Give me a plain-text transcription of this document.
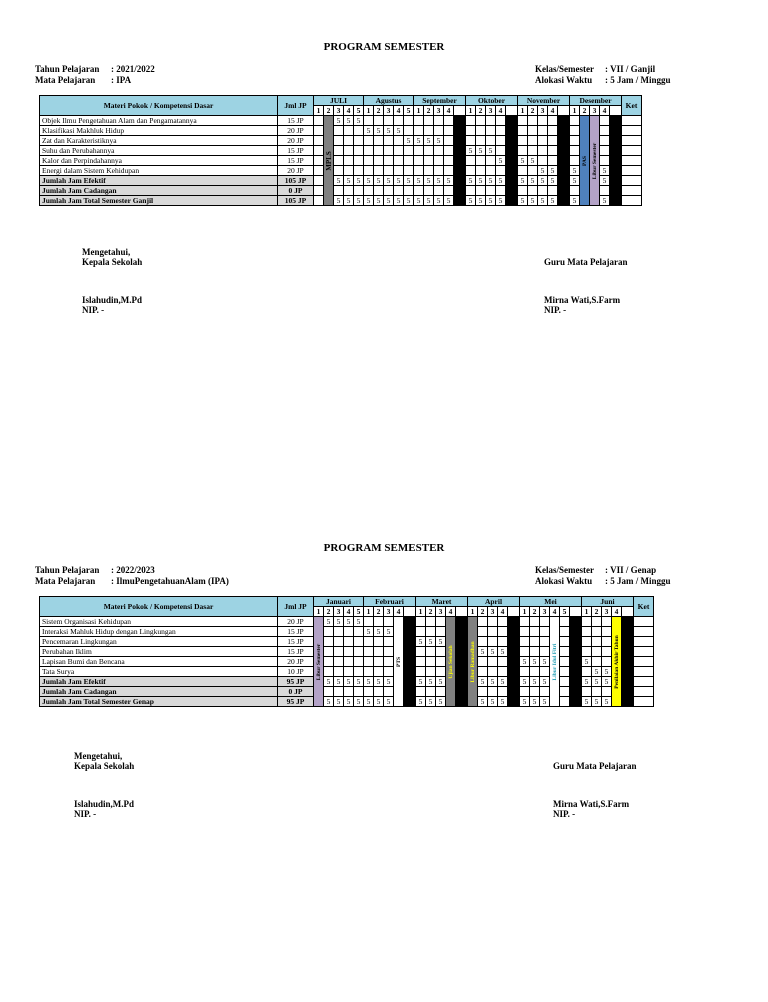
PROGRAM SEMESTER
Tahun Pelajaran : 2021/2022
Mata Pelajaran : IPA
Kelas/Semester : VII / Ganjil
Alokasi Waktu : 5 Jam / Minggu
Materi Pokok / Kompetensi Dasar	Jml JP	JULI					Agustus					September					Oktober					November					Desember					Ket
		1	2	3	4	5	1	2	3	4	5	1	2	3	4		1	2	3	4		1	2	3	4		1	2	3	4		
Objek Ilmu Pengetahuan Alam dan Pengamatannya	15 JP		MPLS	5	5	5																						PAS	Libur Semester			

Klasifikasi Makhluk Hidup	20 JP						5	5	5	5																						
Zat dan Karakteristiknya	20 JP										5	5	5	5																		
Suhu dan Perubahannya	15 JP																5	5	5													
Kalor dan Perpindahannya	15 JP																			5		5	5									
Energi dalam Sistem Kehidupan	20 JP																							5	5		5			5		
Jumlah Jam Efektif	105 JP			5	5	5	5	5	5	5	5	5	5	5	5		5	5	5	5		5	5	5	5		5			5		
Jumlah Jam Cadangan	0 JP																															
Jumlah Jam Total Semester Ganjil	105 JP			5	5	5	5	5	5	5	5	5	5	5	5		5	5	5	5		5	5	5	5		5			5		
Mengetahui,
Kepala Sekolah
Islahudin,M.Pd
NIP. -
Guru Mata Pelajaran
Mirna Wati,S.Farm
NIP. -
PROGRAM SEMESTER
Tahun Pelajaran : 2022/2023
Mata Pelajaran : IlmuPengetahuanAlam (IPA)
Kelas/Semester : VII / Genap
Alokasi Waktu : 5 Jam / Minggu
Materi Pokok / Kompetensi Dasar	Jml JP	Januari					Februari					Maret					April					Mei						Juni					Ket
		1	2	3	4	5	1	2	3	4		1	2	3	4		1	2	3	4		1	2	3	4	5		1	2	3	4		
Sistem Organisasi Kehidupan	20 JP	Libur Semester	5	5	5	5				PTS					Ujian Sekolah		Libur Ramadhan								Libur Idul Fitri						Penilaian Akhir Tahun		

Interaksi Mahluk Hidup dengan Lingkungan	15 JP						5	5	5																								
Pencemaran Lingkungan	15 JP											5	5	5																			
Perubahan Iklim	15 JP																	5	5	5													
Lapisan Bumi dan Bencana	20 JP																					5	5	5				5					
Tata Surya	10 JP																												5	5			
Jumlah Jam Efektif	95 JP		5	5	5	5	5	5	5			5	5	5				5	5	5		5	5	5				5	5	5			
Jumlah Jam Cadangan	0 JP																																
Jumlah Jam Total Semester Genap	95 JP		5	5	5	5	5	5	5			5	5	5				5	5	5		5	5	5				5	5	5			
Mengetahui,
Kepala Sekolah
Islahudin,M.Pd
NIP. -
Guru Mata Pelajaran
Mirna Wati,S.Farm
NIP. -
